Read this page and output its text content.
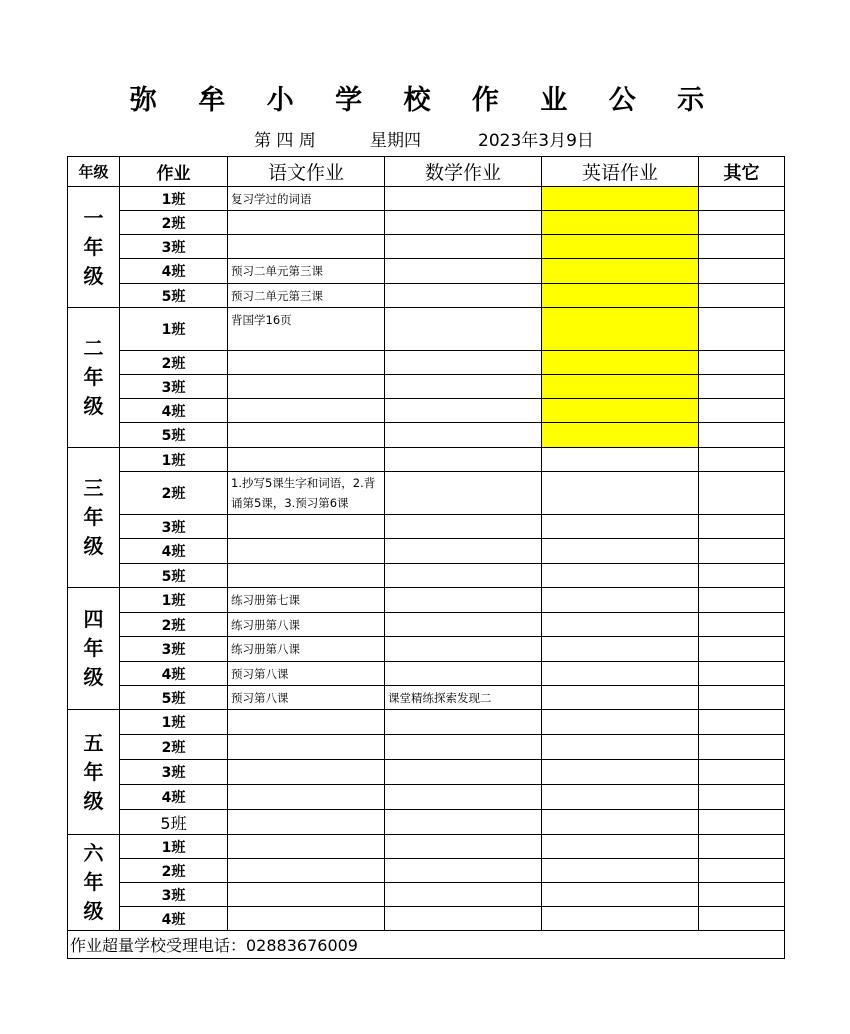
弥 牟 小 学 校 作 业 公 示
第 四 周	星期四	2023年3月9日
年级	作业	语文作业	数学作业	英语作业	其它
一年级	1班	复习学过的词语			
	2班				
	3班				
	4班	预习二单元第三课			
	5班	预习二单元第三课			
二年级	1班	背国学16页			
	2班				
	3班				
	4班				
	5班				
三年级	1班				
	2班	1.抄写5课生字和词语，2.背诵第5课，3.预习第6课			
	3班				
	4班				
	5班				
四年级	1班	练习册第七课			
	2班	练习册第八课			
	3班	练习册第八课			
	4班	预习第八课			
	5班	预习第八课	课堂精练探索发现二		
五年级	1班				
	2班				
	3班				
	4班				
	5班				
六年级	1班				
	2班				
	3班				
	4班				
作业超量学校受理电话：02883676009					
